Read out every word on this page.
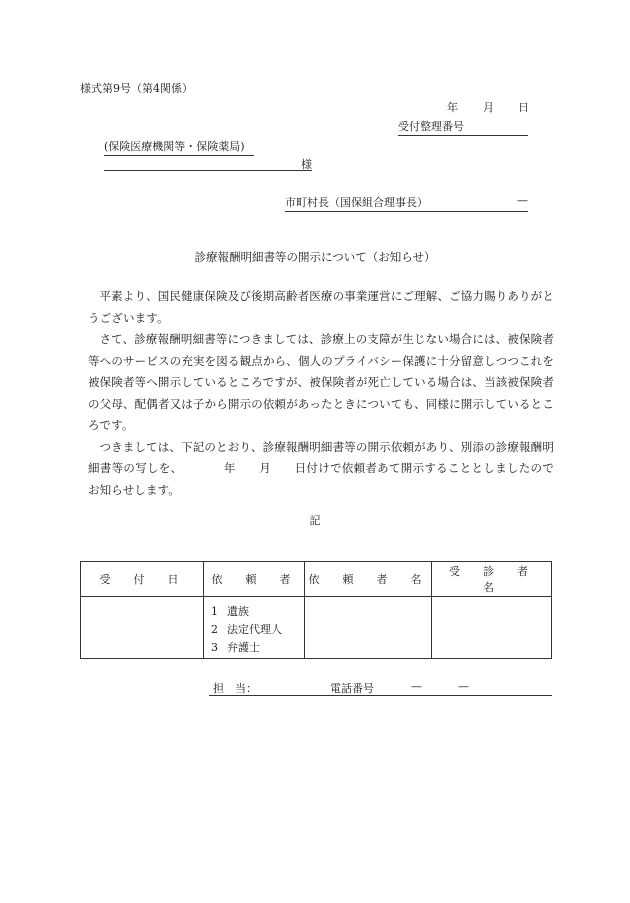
様式第9号（第4関係）
年 月 日
受付整理番号
(保険医療機関等・保険薬局)
様
市町村長（国保組合理事長）	—
診療報酬明細書等の開示について（お知らせ）

平素より、国民健康保険及び後期高齢者医療の事業運営にご理解、ご協力賜りありがとうございます。

さて、診療報酬明細書等につきましては、診療上の支障が生じない場合には、被保険者等へのサービスの充実を図る観点から、個人のプライバシー保護に十分留意しつつこれを被保険者等へ開示しているところですが、被保険者が死亡している場合は、当該被保険者の父母、配偶者又は子から開示の依頼があったときについても、同様に開示しているところです。

つきましては、下記のとおり、診療報酬明細書等の開示依頼があり、別添の診療報酬明細書等の写しを、　　　　年　　月　　日付けで依頼者あて開示することとしましたのでお知らせします。

記
受　付　日	依　頼　者	依　頼　者　名	受　診　者　名

	1 遺族
2 法定代理人
3 弁護士		

担　当：	電話番号	—	—
